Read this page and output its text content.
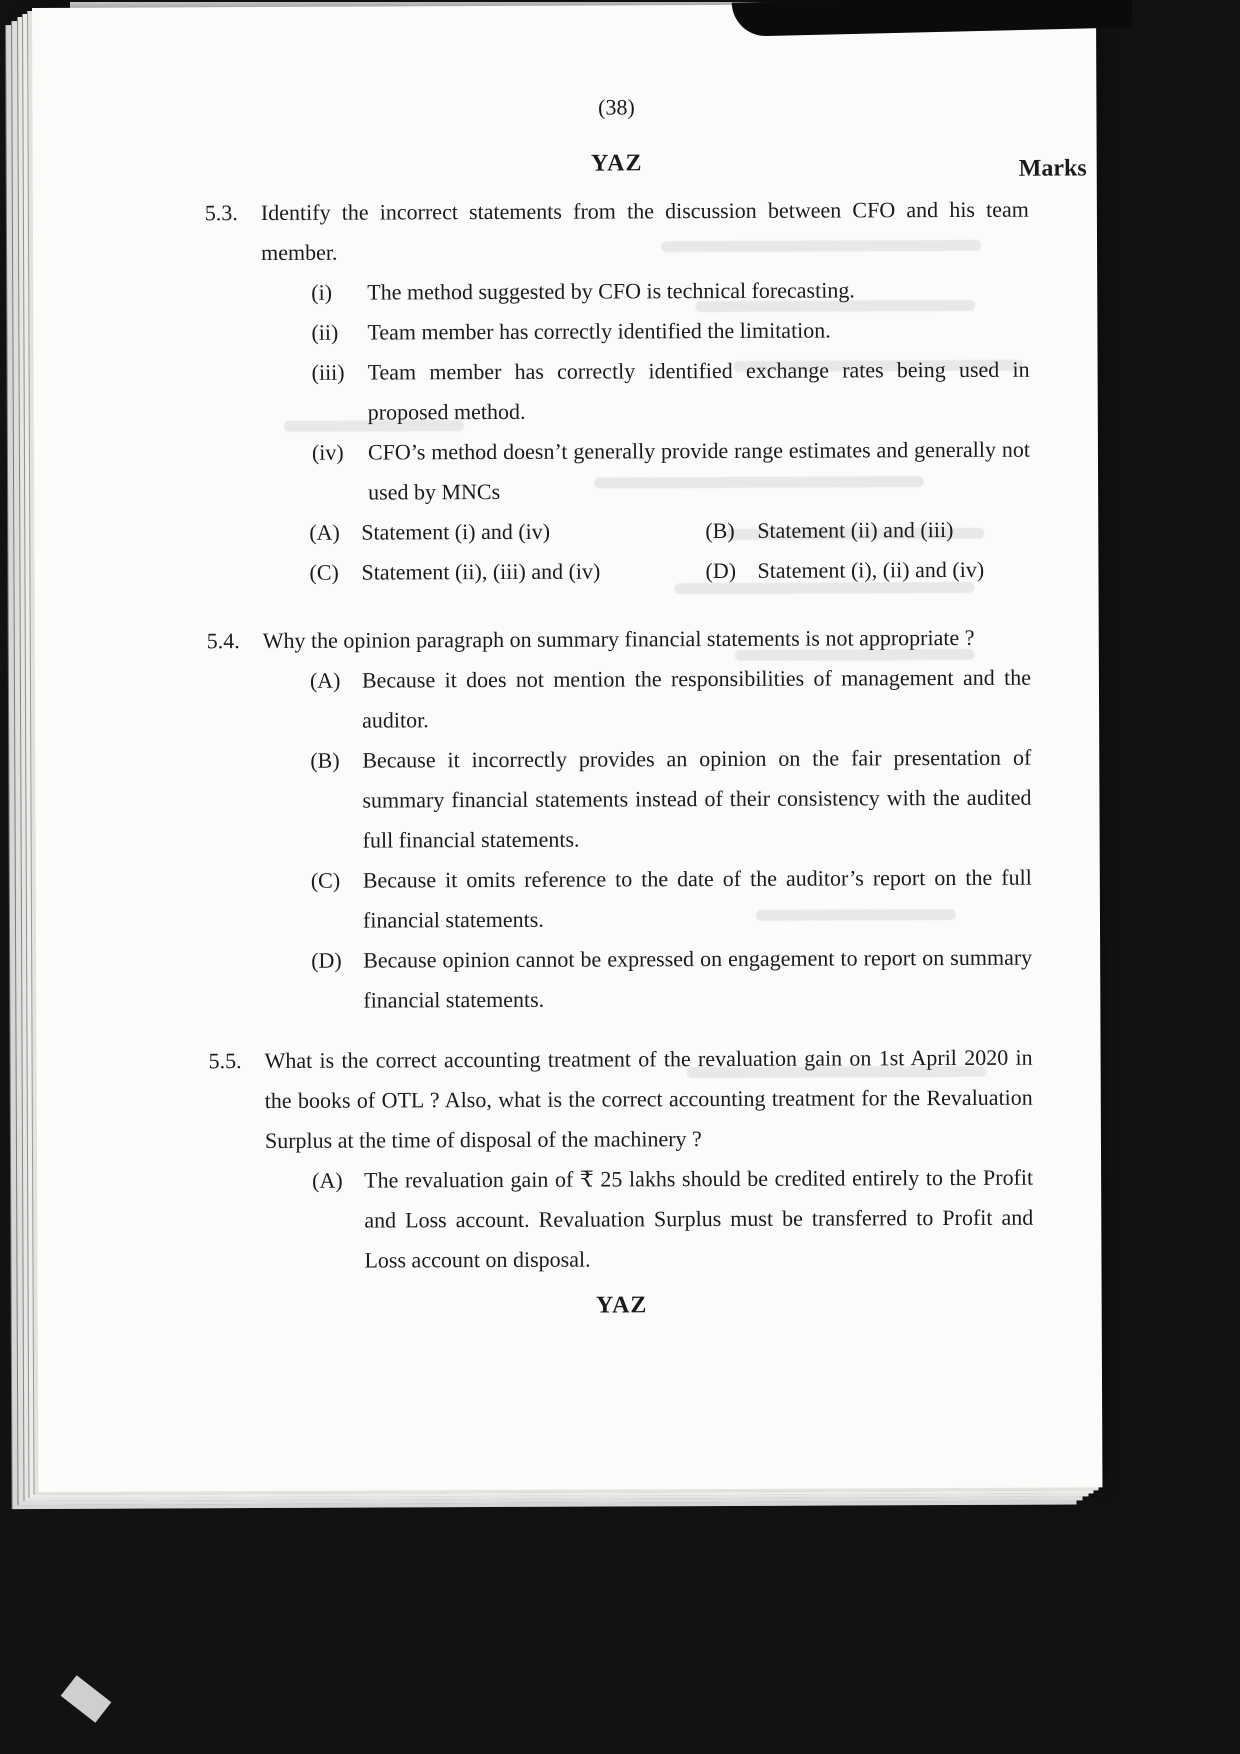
(38)
YAZ	Marks
5.3.	Identify the incorrect statements from the discussion between CFO and his team member.
(i)	The method suggested by CFO is technical forecasting.
(ii)	Team member has correctly identified the limitation.
(iii)	Team member has correctly identified exchange rates being used in proposed method.
(iv)	CFO’s method doesn’t generally provide range estimates and generally not used by MNCs
(A) Statement (i) and (iv)	(B)	Statement (ii) and (iii)
(C)	Statement (ii), (iii) and (iv)	(D) Statement (i), (ii) and (iv)
5.4.	Why the opinion paragraph on summary financial statements is not appropriate ?
(A) Because it does not mention the responsibilities of management and the auditor.
(B)	Because it incorrectly provides an opinion on the fair presentation of summary financial statements instead of their consistency with the audited full financial statements.
(C)	Because it omits reference to the date of the auditor’s report on the full financial statements.
(D) Because opinion cannot be expressed on engagement to report on summary financial statements.
5.5.	What is the correct accounting treatment of the revaluation gain on 1st April 2020 in the books of OTL ? Also, what is the correct accounting treatment for the Revaluation Surplus at the time of disposal of the machinery ?
(A) The revaluation gain of ₹ 25 lakhs should be credited entirely to the Profit and Loss account. Revaluation Surplus must be transferred to Profit and Loss account on disposal.
YAZ
